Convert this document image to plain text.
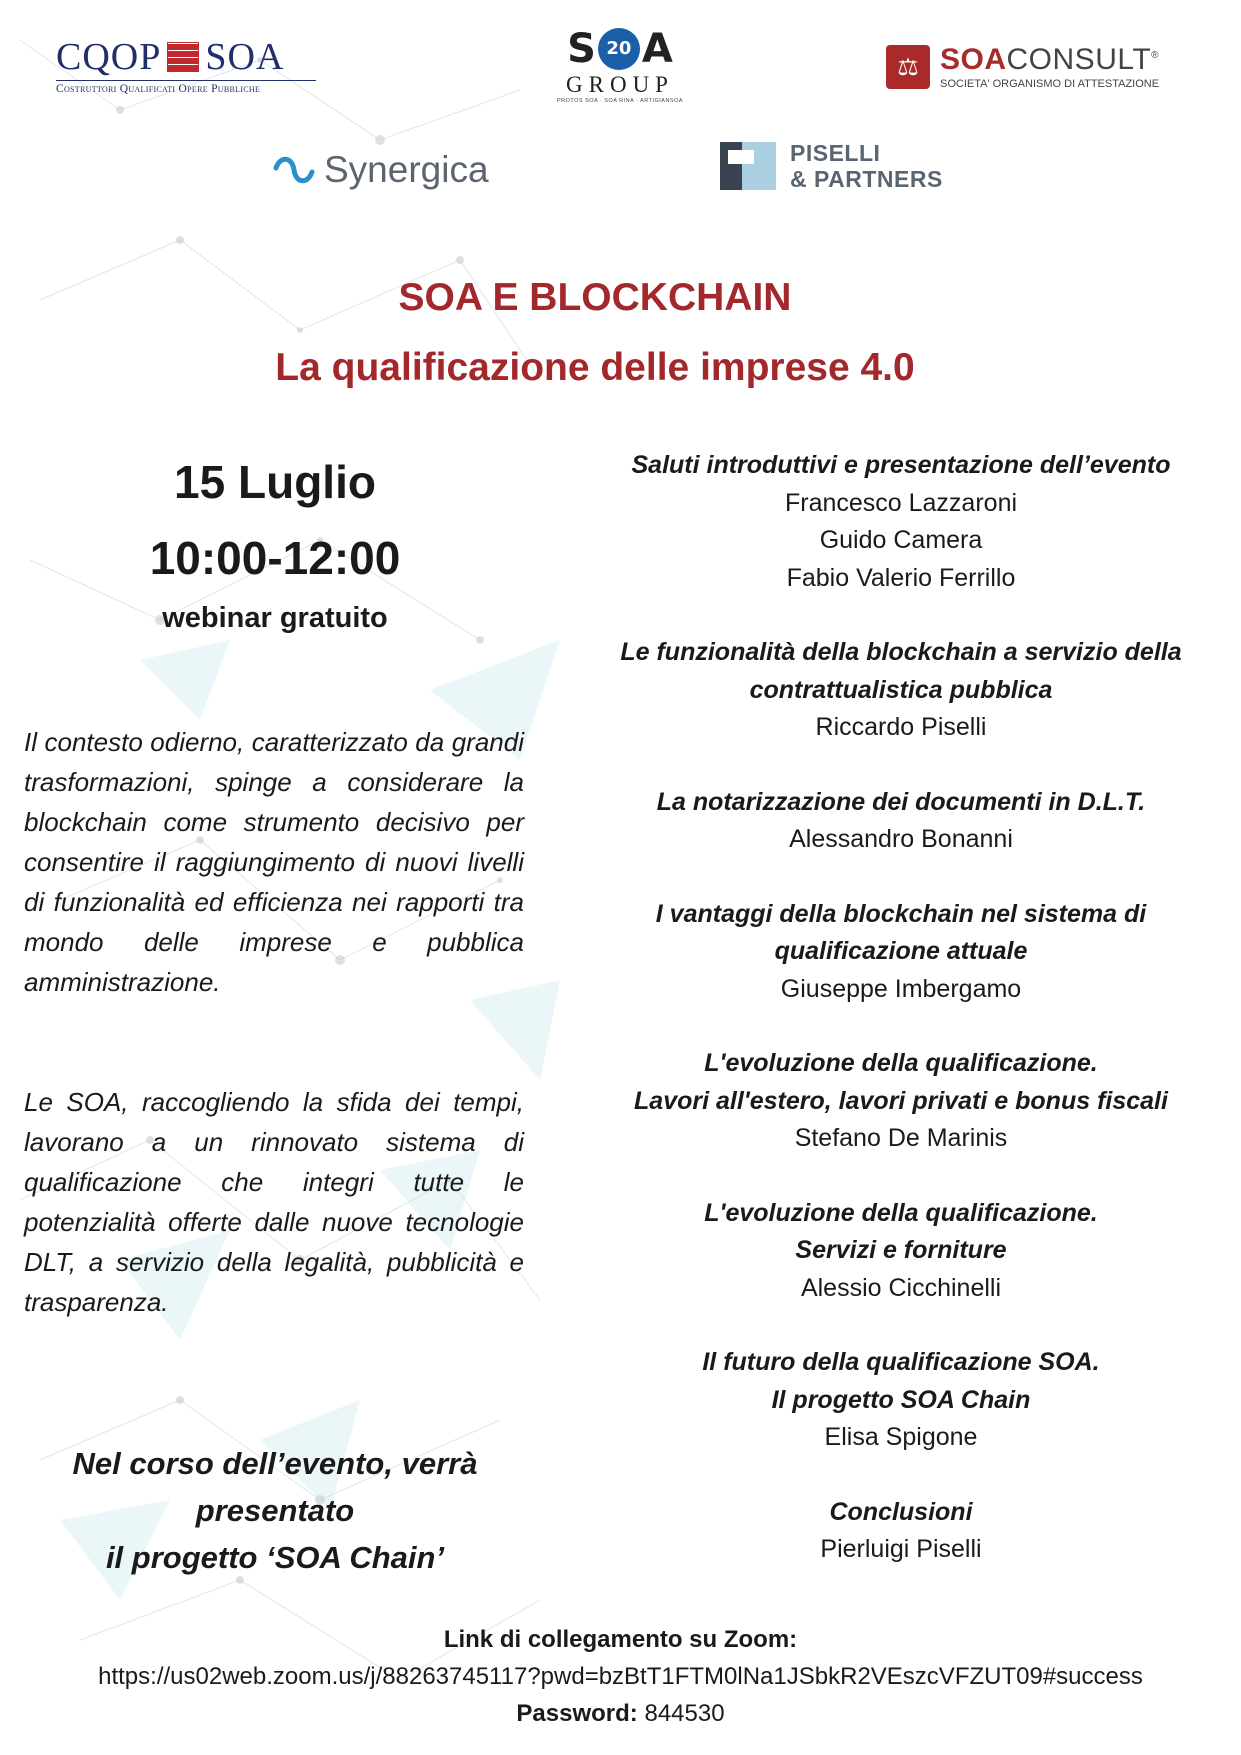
CQOP SOA
Costruttori Qualificati Opere Pubbliche
S 20 A
GROUP
PROTOS SOA · SOA RINA · ARTIGIANSOA
⚖ SOACONSULT®
SOCIETA' ORGANISMO DI ATTESTAZIONE
Synergica	PISELLI
& PARTNERS
SOA E BLOCKCHAIN
La qualificazione delle imprese 4.0
15 Luglio
10:00-12:00
webinar gratuito
Il contesto odierno, caratterizzato da grandi trasformazioni, spinge a considerare la blockchain come strumento decisivo per consentire il raggiungimento di nuovi livelli di funzionalità ed efficienza nei rapporti tra mondo delle imprese e pubblica amministrazione.
Le SOA, raccogliendo la sfida dei tempi, lavorano a un rinnovato sistema di qualificazione che integri tutte le potenzialità offerte dalle nuove tecnologie DLT, a servizio della legalità, pubblicità e trasparenza.
Nel corso dell’evento, verrà
presentato
il progetto ‘SOA Chain’
Saluti introduttivi e presentazione dell’evento
Francesco Lazzaroni
Guido Camera
Fabio Valerio Ferrillo
Le funzionalità della blockchain a servizio della
contrattualistica pubblica
Riccardo Piselli
La notarizzazione dei documenti in D.L.T.
Alessandro Bonanni
I vantaggi della blockchain nel sistema di
qualificazione attuale
Giuseppe Imbergamo
L'evoluzione della qualificazione.
Lavori all'estero, lavori privati e bonus fiscali
Stefano De Marinis
L'evoluzione della qualificazione.
Servizi e forniture
Alessio Cicchinelli
Il futuro della qualificazione SOA.
Il progetto SOA Chain
Elisa Spigone
Conclusioni
Pierluigi Piselli
Link di collegamento su Zoom:
https://us02web.zoom.us/j/88263745117?pwd=bzBtT1FTM0lNa1JSbkR2VEszcVFZUT09#success
Password: 844530
